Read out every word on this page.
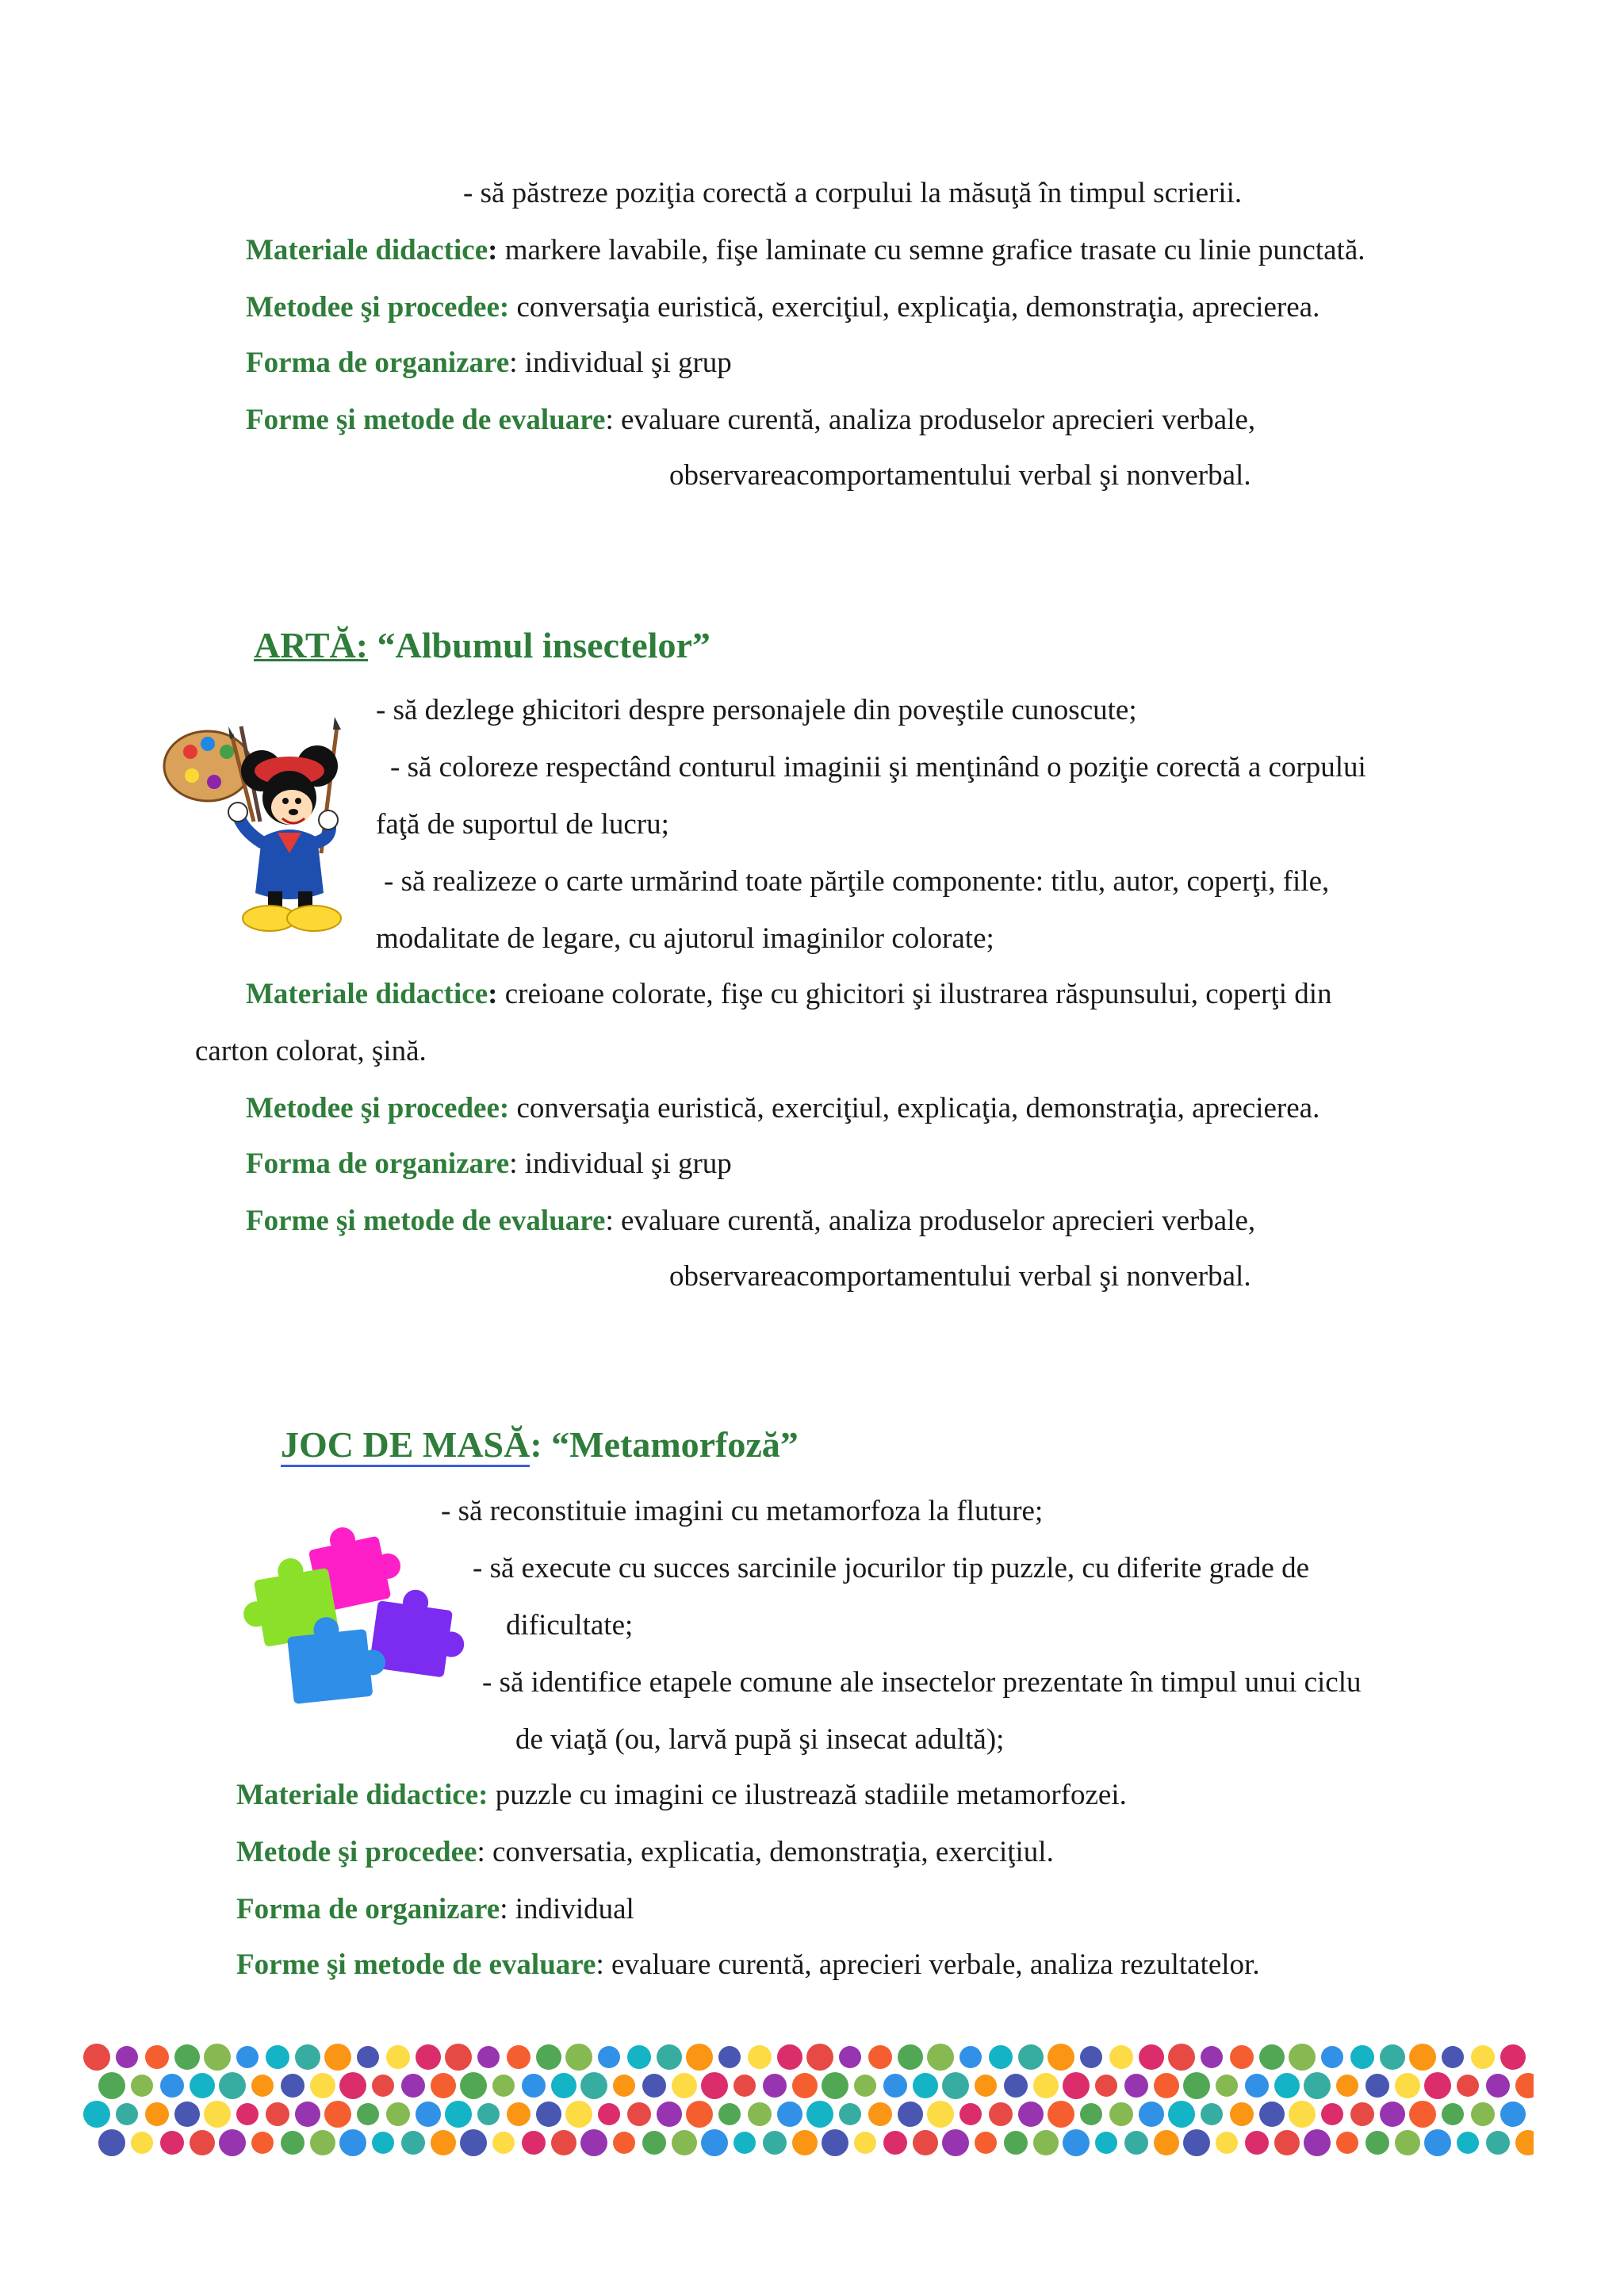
- să păstreze poziţia corectă a corpului la măsuţă în timpul scrierii.
Materiale didactice: markere lavabile, fişe laminate cu semne grafice trasate cu linie punctată.
Metodee şi procedee: conversaţia euristică, exerciţiul, explicaţia, demonstraţia, aprecierea.
Forma de organizare: individual şi grup
Forme şi metode de evaluare: evaluare curentă, analiza produselor aprecieri verbale,
observareacomportamentului verbal şi nonverbal.
ARTĂ: “Albumul insectelor”
- să dezlege ghicitori despre personajele din poveştile cunoscute;
- să coloreze respectând conturul imaginii şi menţinând o poziţie corectă a corpului
faţă de suportul de lucru;
- să realizeze o carte urmărind toate părţile componente: titlu, autor, coperţi, file,
modalitate de legare, cu ajutorul imaginilor colorate;
Materiale didactice: creioane colorate, fişe cu ghicitori şi ilustrarea răspunsului, coperţi din
carton colorat, şină.
Metodee şi procedee: conversaţia euristică, exerciţiul, explicaţia, demonstraţia, aprecierea.
Forma de organizare: individual şi grup
Forme şi metode de evaluare: evaluare curentă, analiza produselor aprecieri verbale,
observareacomportamentului verbal şi nonverbal.
JOC DE MASĂ: “Metamorfoză”
- să reconstituie imagini cu metamorfoza la fluture;
- să execute cu succes sarcinile jocurilor tip puzzle, cu diferite grade de
dificultate;
- să identifice etapele comune ale insectelor prezentate în timpul unui ciclu
de viaţă (ou, larvă pupă şi insecat adultă);
Materiale didactice: puzzle cu imagini ce ilustrează stadiile metamorfozei.
Metode şi procedee: conversatia, explicatia, demonstraţia, exerciţiul.
Forma de organizare: individual
Forme şi metode de evaluare: evaluare curentă, aprecieri verbale, analiza rezultatelor.
